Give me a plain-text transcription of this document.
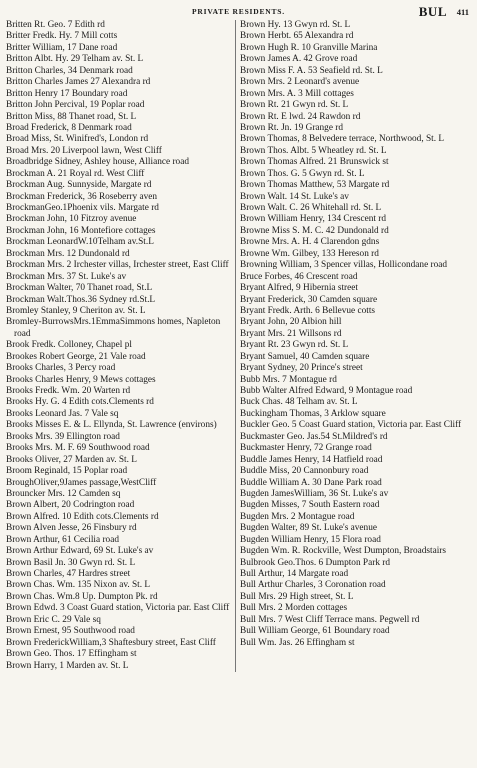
PRIVATE RESIDENTS.	BUL 411
Britten Rt. Geo. 7 Edith rd
Britter Fredk. Hy. 7 Mill cotts
Britter William, 17 Dane road
Britton Albt. Hy. 29 Telham av. St. L
Britton Charles, 34 Denmark road
Britton Charles James 27 Alexandra rd
Britton Henry 17 Boundary road
Britton John Percival, 19 Poplar road
Britton Miss, 88 Thanet road, St. L
Broad Frederick, 8 Denmark road
Broad Miss, St. Winifred's, London rd
Broad Mrs. 20 Liverpool lawn, West Cliff
Broadbridge Sidney, Ashley house, Alliance road
Brockman A. 21 Royal rd. West Cliff
Brockman Aug. Sunnyside, Margate rd
Brockman Frederick, 36 Roseberry aven
BrockmanGeo.1Phoenix vils. Margate rd
Brockman John, 10 Fitzroy avenue
Brockman John, 16 Montefiore cottages
Brockman LeonardW.10Telham av.St.L
Brockman Mrs. 12 Dundonald rd
Brockman Mrs. 2 Irchester villas, Irchester street, East Cliff
Brockman Mrs. 37 St. Luke's av
Brockman Walter, 70 Thanet road, St.L
Brockman Walt.Thos.36 Sydney rd.St.L
Bromley Stanley, 9 Cheriton av. St. L
Bromley-BurrowsMrs.1EmmaSimmons homes, Napleton road
Brook Fredk. Colloney, Chapel pl
Brookes Robert George, 21 Vale road
Brooks Charles, 3 Percy road
Brooks Charles Henry, 9 Mews cottages
Brooks Fredk. Wm. 20 Warten rd
Brooks Hy. G. 4 Edith cots.Clements rd
Brooks Leonard Jas. 7 Vale sq
Brooks Misses E. & L. Ellynda, St. Lawrence (environs)
Brooks Mrs. 39 Ellington road
Brooks Mrs. M. F. 69 Southwood road
Brooks Oliver, 27 Marden av. St. L
Broom Reginald, 15 Poplar road
BroughOliver,9James passage,WestCliff
Brouncker Mrs. 12 Camden sq
Brown Albert, 20 Codrington road
Brown Alfred. 10 Edith cots.Clements rd
Brown Alven Jesse, 26 Finsbury rd
Brown Arthur, 61 Cecilia road
Brown Arthur Edward, 69 St. Luke's av
Brown Basil Jn. 30 Gwyn rd. St. L
Brown Charles, 47 Hardres street
Brown Chas. Wm. 135 Nixon av. St. L
Brown Chas. Wm.8 Up. Dumpton Pk. rd
Brown Edwd. 3 Coast Guard station, Victoria par. East Cliff
Brown Eric C. 29 Vale sq
Brown Ernest, 95 Southwood road
Brown FrederickWilliam,3 Shaftesbury street, East Cliff
Brown Geo. Thos. 17 Effingham st
Brown Harry, 1 Marden av. St. L
Brown Hy. 13 Gwyn rd. St. L
Brown Herbt. 65 Alexandra rd
Brown Hugh R. 10 Granville Marina
Brown James A. 42 Grove road
Brown Miss F. A. 53 Seafield rd. St. L
Brown Mrs. 2 Leonard's avenue
Brown Mrs. A. 3 Mill cottages
Brown Rt. 21 Gwyn rd. St. L
Brown Rt. E lwd. 24 Rawdon rd
Brown Rt. Jn. 19 Grange rd
Brown Thomas, 8 Belvedere terrace, Northwood, St. L
Brown Thos. Albt. 5 Wheatley rd. St. L
Brown Thomas Alfred. 21 Brunswick st
Brown Thos. G. 5 Gwyn rd. St. L
Brown Thomas Matthew, 53 Margate rd
Brown Walt. 14 St. Luke's av
Brown Walt. C. 26 Whitehall rd. St. L
Brown William Henry, 134 Crescent rd
Browne Miss S. M. C. 42 Dundonald rd
Browne Mrs. A. H. 4 Clarendon gdns
Browne Wm. Gilbey, 133 Hereson rd
Browning William, 3 Spencer villas, Hollicondane road
Bruce Forbes, 46 Crescent road
Bryant Alfred, 9 Hibernia street
Bryant Frederick, 30 Camden square
Bryant Fredk. Arth. 6 Bellevue cotts
Bryant John, 20 Albion hill
Bryant Mrs. 21 Willsons rd
Bryant Rt. 23 Gwyn rd. St. L
Bryant Samuel, 40 Camden square
Bryant Sydney, 20 Prince's street
Bubb Mrs. 7 Montague rd
Bubb Walter Alfred Edward, 9 Montague road
Buck Chas. 48 Telham av. St. L
Buckingham Thomas, 3 Arklow square
Buckler Geo. 5 Coast Guard station, Victoria par. East Cliff
Buckmaster Geo. Jas.54 St.Mildred's rd
Buckmaster Henry, 72 Grange road
Buddle James Henry, 14 Hatfield road
Buddle Miss, 20 Cannonbury road
Buddle William A. 30 Dane Park road
Bugden JamesWilliam, 36 St. Luke's av
Bugden Misses, 7 South Eastern road
Bugden Mrs. 2 Montague road
Bugden Walter, 89 St. Luke's avenue
Bugden William Henry, 15 Flora road
Bugden Wm. R. Rockville, West Dumpton, Broadstairs
Bulbrook Geo.Thos. 6 Dumpton Park rd
Bull Arthur, 14 Margate road
Bull Arthur Charles, 3 Coronation road
Bull Mrs. 29 High street, St. L
Bull Mrs. 2 Morden cottages
Bull Mrs. 7 West Cliff Terrace mans. Pegwell rd
Bull William George, 61 Boundary road
Bull Wm. Jas. 26 Effingham st
